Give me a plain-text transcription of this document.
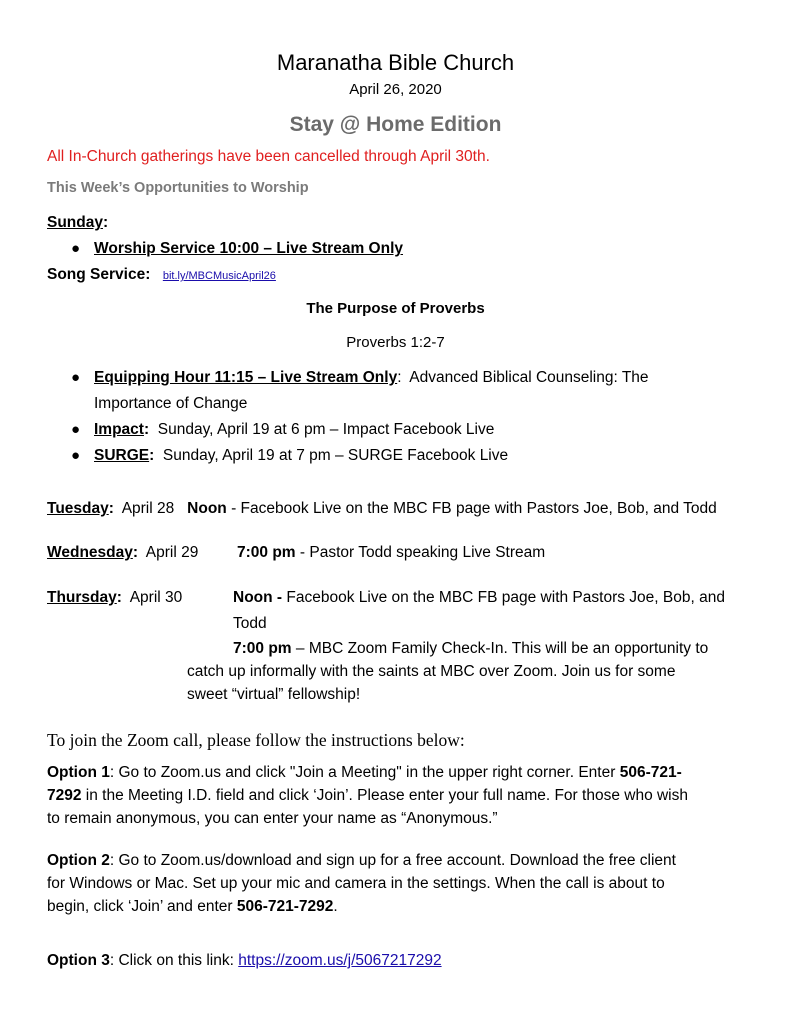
Maranatha Bible Church
April 26, 2020
Stay @ Home Edition
All In-Church gatherings have been cancelled through April 30th.
This Week’s Opportunities to Worship
Sunday:
● Worship Service 10:00 – Live Stream Only
Song Service: bit.ly/MBCMusicApril26
The Purpose of Proverbs
Proverbs 1:2-7
● Equipping Hour 11:15 – Live Stream Only:  Advanced Biblical Counseling: The
Importance of Change
● Impact: Sunday, April 19 at 6 pm – Impact Facebook Live
● SURGE: Sunday, April 19 at 7 pm – SURGE Facebook Live
Tuesday: April 28 Noon - Facebook Live on the MBC FB page with Pastors Joe, Bob, and Todd
Wednesday: April 29 7:00 pm - Pastor Todd speaking Live Stream
Thursday: April 30	Noon - Facebook Live on the MBC FB page with Pastors Joe, Bob, and
Todd
7:00 pm – MBC Zoom Family Check-In. This will be an opportunity to
catch up informally with the saints at MBC over Zoom. Join us for some
sweet “virtual” fellowship!
To join the Zoom call, please follow the instructions below:
Option 1: Go to Zoom.us and click "Join a Meeting" in the upper right corner. Enter 506-721-
7292 in the Meeting I.D. field and click ‘Join’. Please enter your full name. For those who wish
to remain anonymous, you can enter your name as “Anonymous.”
Option 2: Go to Zoom.us/download and sign up for a free account. Download the free client
for Windows or Mac. Set up your mic and camera in the settings. When the call is about to
begin, click ‘Join’ and enter 506-721-7292.
Option 3: Click on this link: https://zoom.us/j/5067217292
